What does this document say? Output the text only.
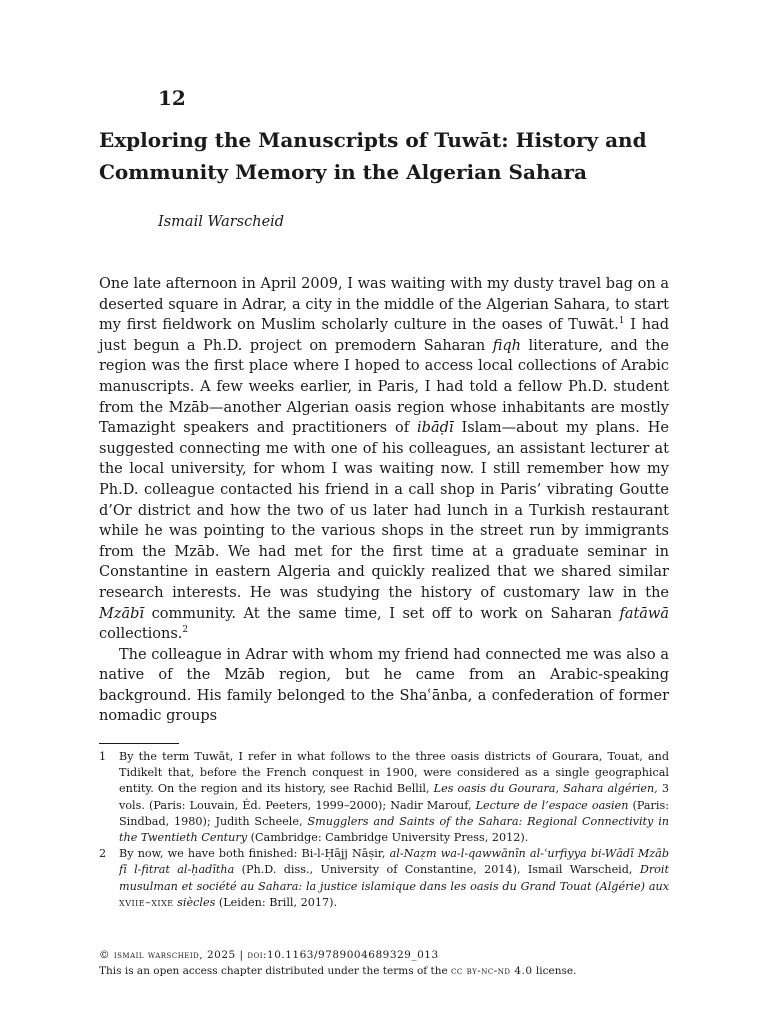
12
Exploring the Manuscripts of Tuwāt: History and Community Memory in the Algerian Sahara
Ismail Warscheid

One late afternoon in April 2009, I was waiting with my dusty travel bag on a deserted square in Adrar, a city in the middle of the Algerian Sahara, to start my first fieldwork on Muslim scholarly culture in the oases of Tuwāt.$^1$ I had just begun a Ph.D. project on premodern Saharan fiqh literature, and the region was the first place where I hoped to access local collections of Arabic manuscripts. A few weeks earlier, in Paris, I had told a fellow Ph.D. student from the Mzāb—another Algerian oasis region whose inhabitants are mostly Tamazight speakers and practitioners of ibāḍī Islam—about my plans. He suggested connecting me with one of his colleagues, an assistant lecturer at the local university, for whom I was waiting now. I still remember how my Ph.D. colleague contacted his friend in a call shop in Paris’ vibrating Goutte d’Or district and how the two of us later had lunch in a Turkish restaurant while he was pointing to the various shops in the street run by immigrants from the Mzāb. We had met for the first time at a graduate seminar in Constantine in eastern Algeria and quickly realized that we shared similar research interests. He was studying the history of customary law in the Mzābī community. At the same time, I set off to work on Saharan fatāwā collections.$^2$

The colleague in Adrar with whom my friend had connected me was also a native of the Mzāb region, but he came from an Arabic-speaking background. His family belonged to the Shaʿānba, a confederation of former nomadic groups

1 By the term Tuwāt, I refer in what follows to the three oasis districts of Gourara, Touat, and Tidikelt that, before the French conquest in 1900, were considered as a single geographical entity. On the region and its history, see Rachid Bellil, Les oasis du Gourara, Sahara algérien, 3 vols. (Paris: Louvain, Éd. Peeters, 1999–2000); Nadir Marouf, Lecture de l’espace oasien (Paris: Sindbad, 1980); Judith Scheele, Smugglers and Saints of the Sahara: Regional Connectivity in the Twentieth Century (Cambridge: Cambridge University Press, 2012).
2 By now, we have both finished: Bi-l-Ḥājj Nāṣir, al-Naẓm wa-l-qawwānīn al-ʿurfiyya bi-Wādī Mzāb fī l-fitrat al-ḥadītha (Ph.D. diss., University of Constantine, 2014), Ismail Warscheid, Droit musulman et société au Sahara: la justice islamique dans les oasis du Grand Touat (Algérie) aux xviie–xixe siècles (Leiden: Brill, 2017).
© ismail warscheid, 2025 | doi:10.1163/9789004689329_013
This is an open access chapter distributed under the terms of the cc by-nc-nd 4.0 license.
